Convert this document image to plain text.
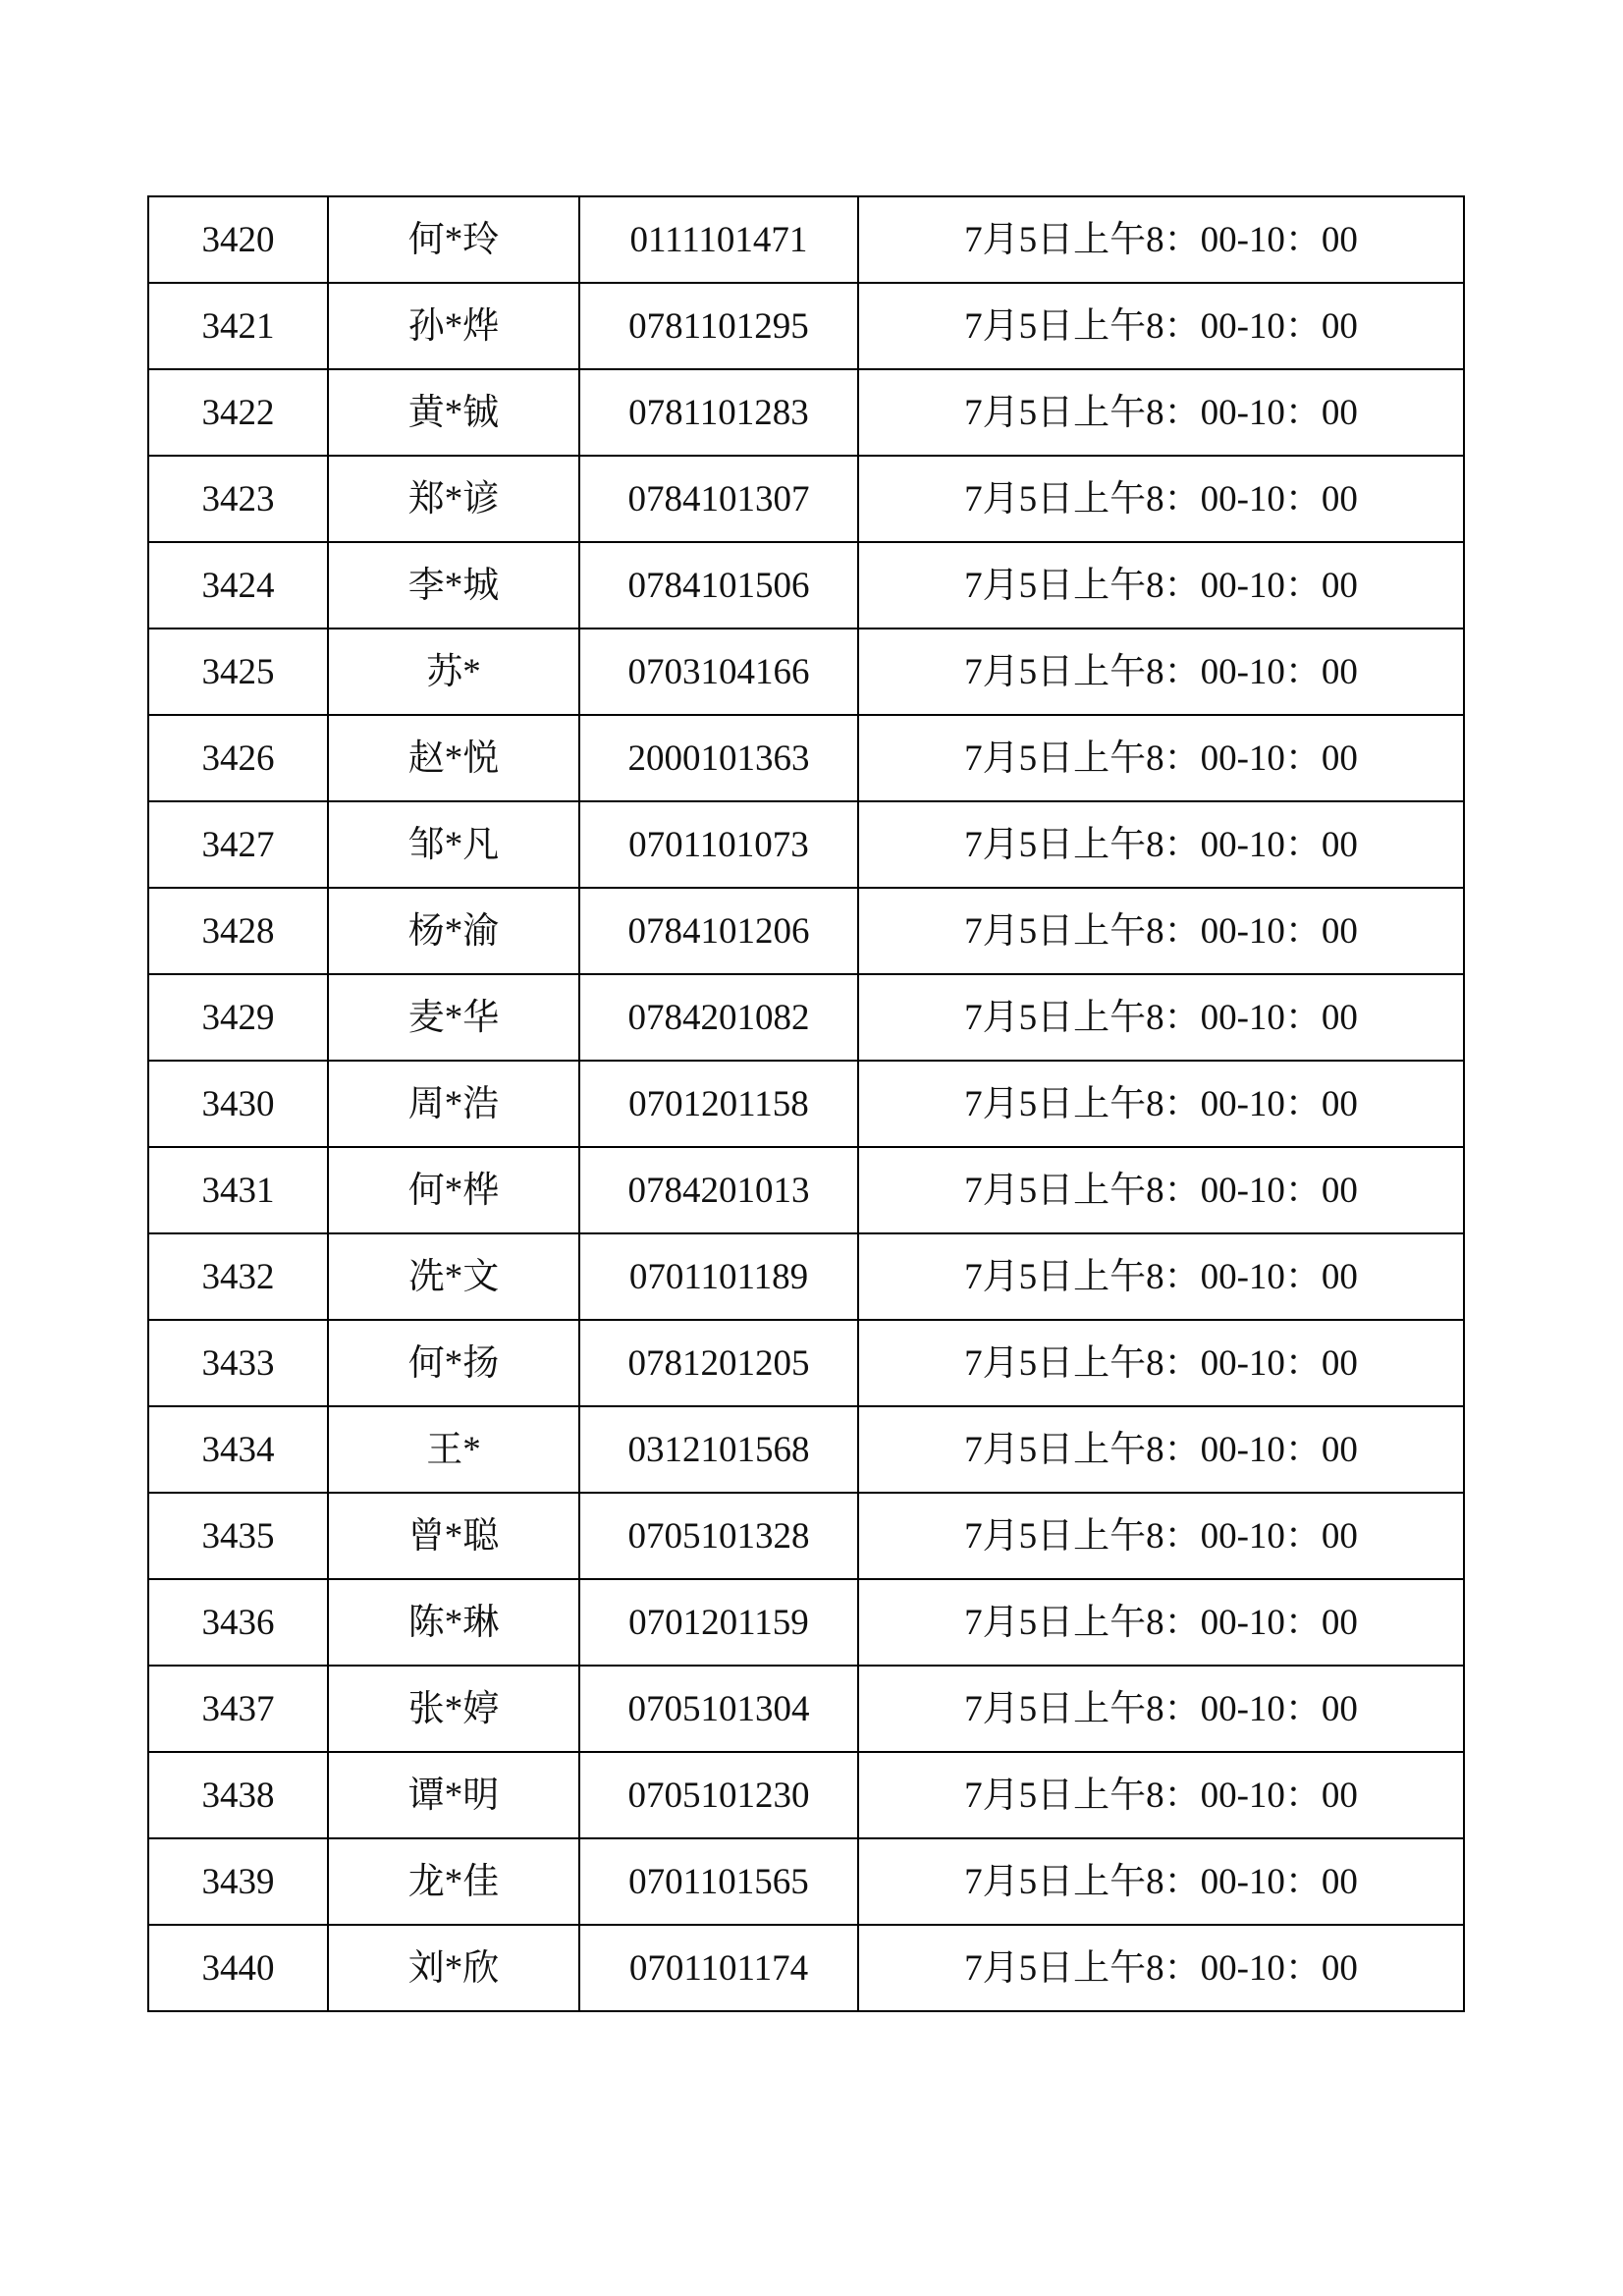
3420	何*玲	0111101471	7月5日上午8：00-10：00
3421	孙*烨	0781101295	7月5日上午8：00-10：00
3422	黄*铖	0781101283	7月5日上午8：00-10：00
3423	郑*谚	0784101307	7月5日上午8：00-10：00
3424	李*城	0784101506	7月5日上午8：00-10：00
3425	苏*	0703104166	7月5日上午8：00-10：00
3426	赵*悦	2000101363	7月5日上午8：00-10：00
3427	邹*凡	0701101073	7月5日上午8：00-10：00
3428	杨*渝	0784101206	7月5日上午8：00-10：00
3429	麦*华	0784201082	7月5日上午8：00-10：00
3430	周*浩	0701201158	7月5日上午8：00-10：00
3431	何*桦	0784201013	7月5日上午8：00-10：00
3432	冼*文	0701101189	7月5日上午8：00-10：00
3433	何*扬	0781201205	7月5日上午8：00-10：00
3434	王*	0312101568	7月5日上午8：00-10：00
3435	曾*聪	0705101328	7月5日上午8：00-10：00
3436	陈*琳	0701201159	7月5日上午8：00-10：00
3437	张*婷	0705101304	7月5日上午8：00-10：00
3438	谭*明	0705101230	7月5日上午8：00-10：00
3439	龙*佳	0701101565	7月5日上午8：00-10：00
3440	刘*欣	0701101174	7月5日上午8：00-10：00
